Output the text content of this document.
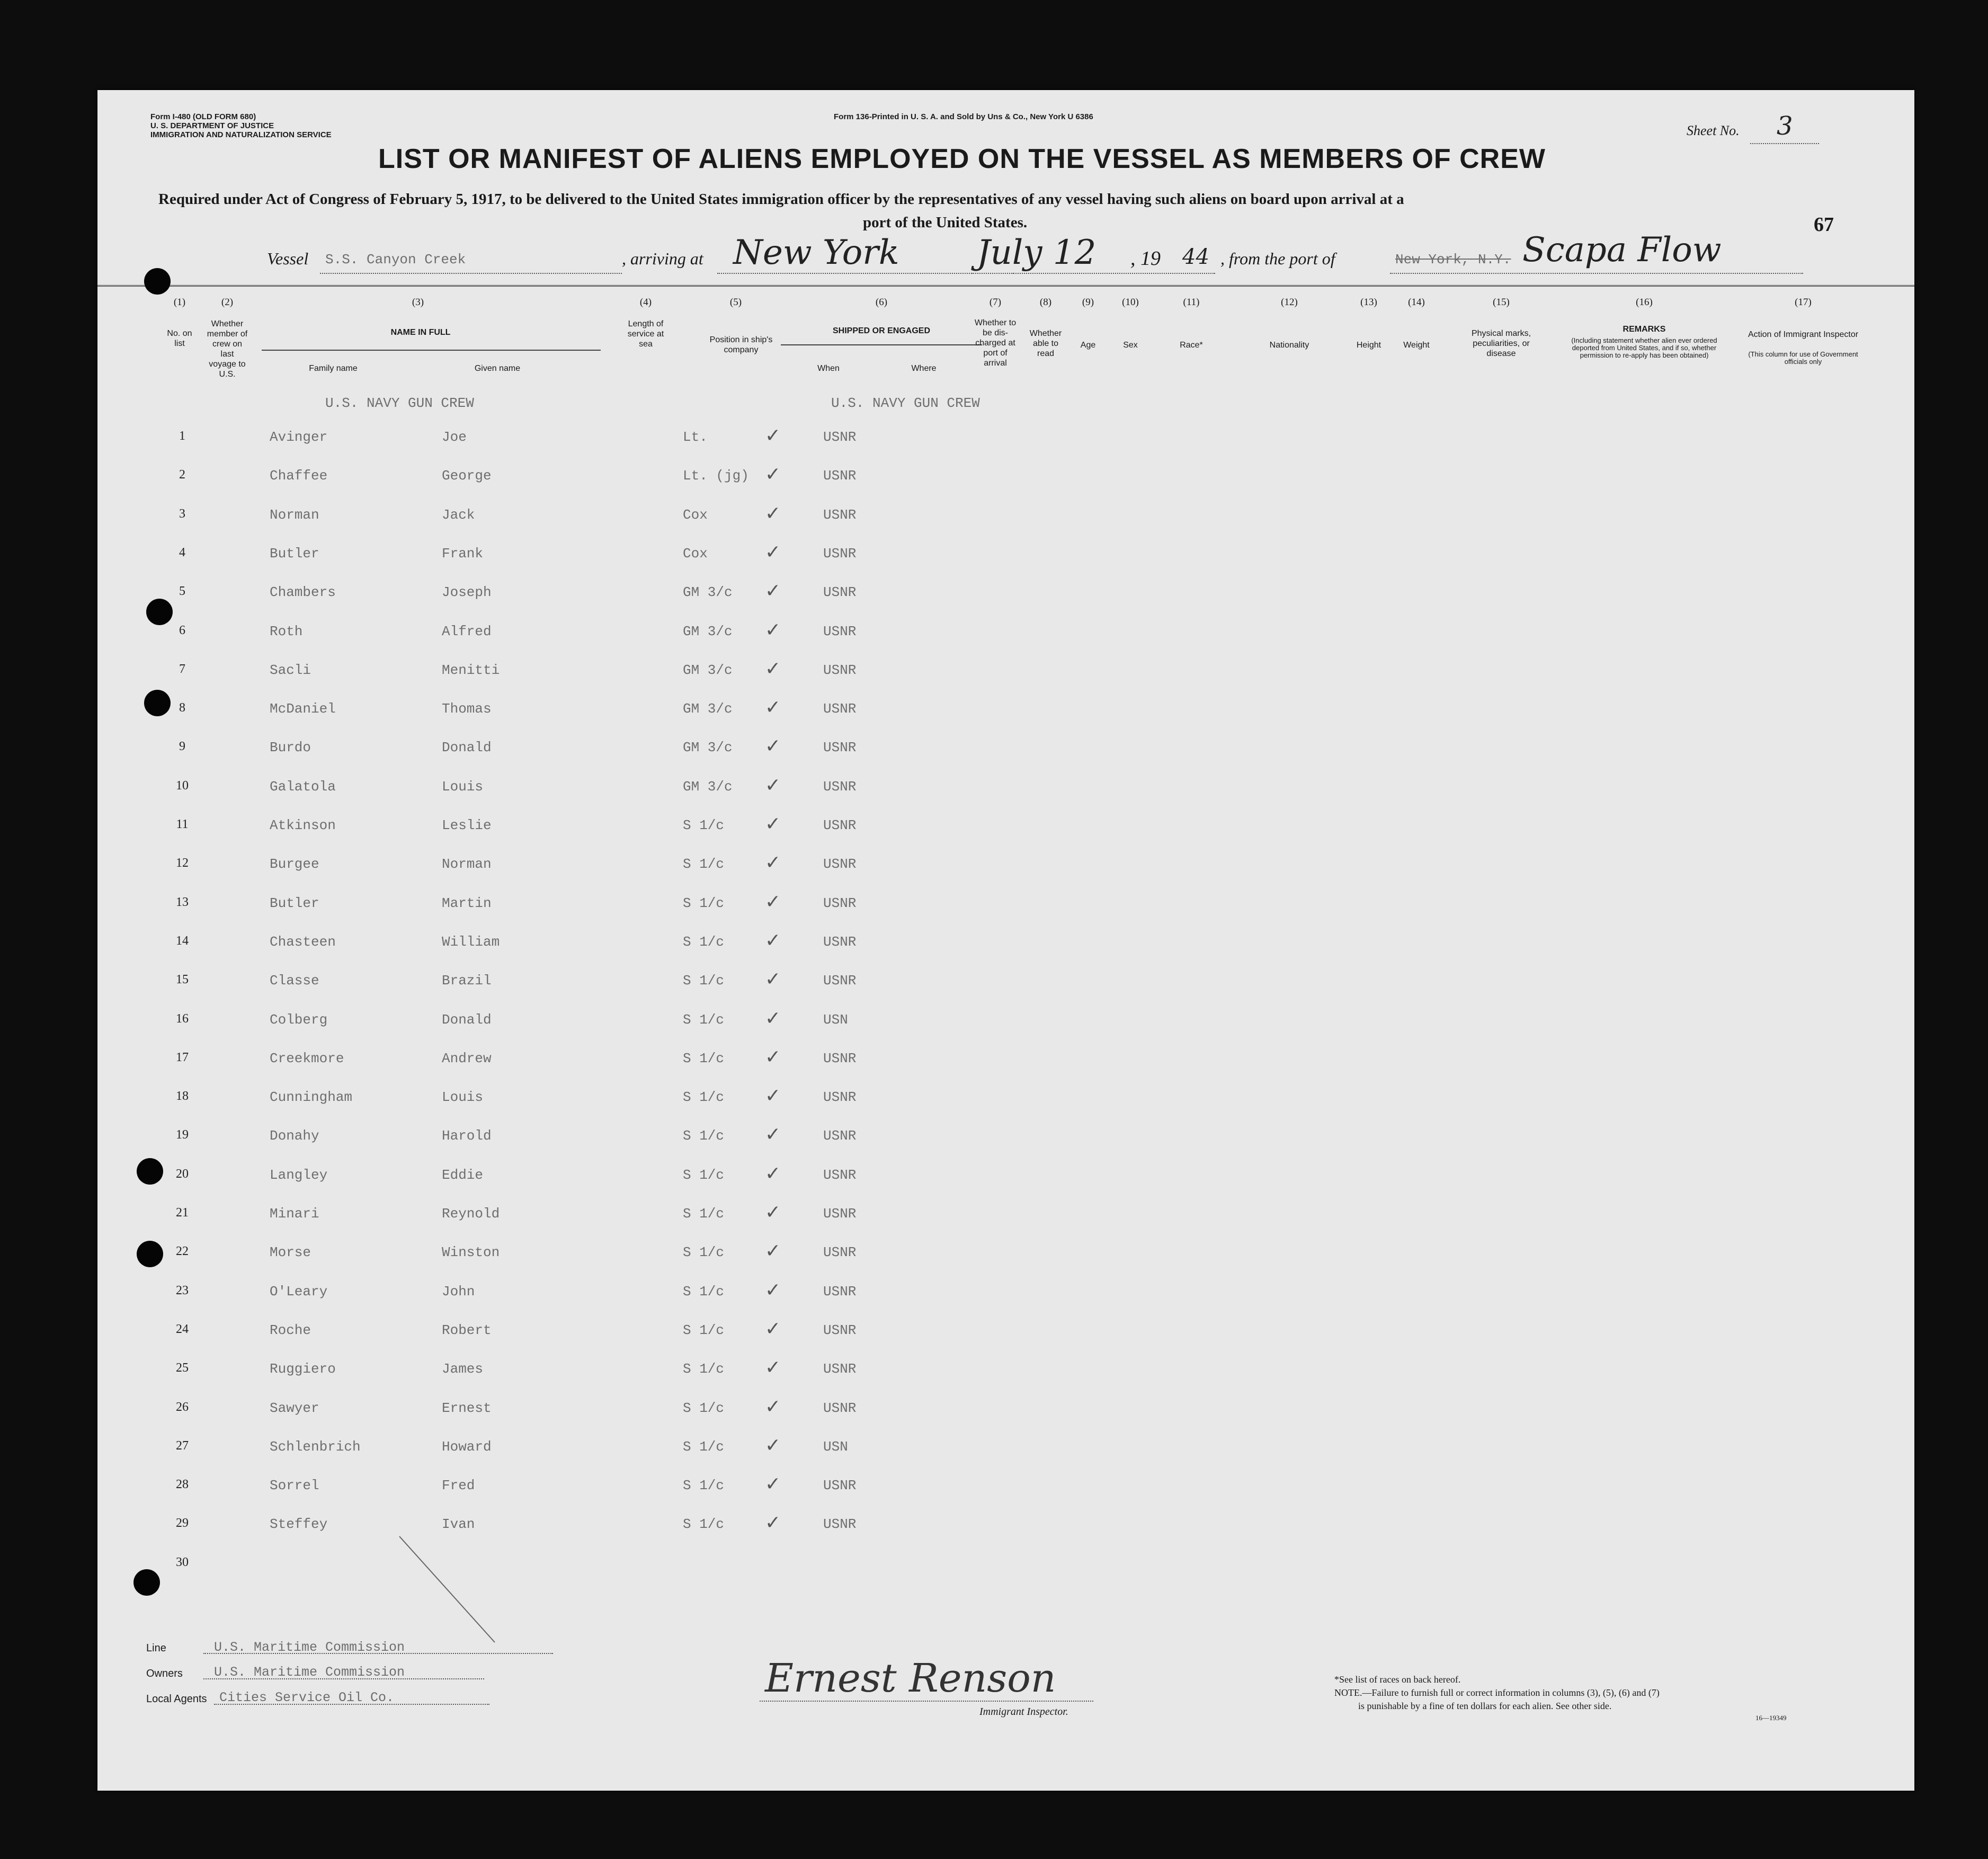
Form I-480 (OLD FORM 680)
U. S. DEPARTMENT OF JUSTICE
IMMIGRATION AND NATURALIZATION SERVICE
Form 136-Printed in U. S. A. and Sold by Uns & Co., New York U 6386
Sheet No. 3
LIST OR MANIFEST OF ALIENS EMPLOYED ON THE VESSEL AS MEMBERS OF CREW
Required under Act of Congress of February 5, 1917, to be delivered to the United States immigration officer by the representatives of any vessel having such aliens on board upon arrival at a
port of the United States.	67
Vessel S.S. Canyon Creek	, arriving at New York July 12 , 19 44 , from the port of	New York, N.Y. Scapa Flow
(1)	(2)	(3)	(4)	(5)	(6)	(7)	(8)	(9)	(10)	(11)	(12)	(13)	(14)	(15)	(16)	(17)
No. on list
Whether member of crew on last voyage to U.S.
NAME IN FULL
Family name	Given name
Length of service at sea	Position in ship's company
SHIPPED OR ENGAGED
When	Where
Whether to be dis-charged at port of arrival
Whether able to read
Age	Sex	Race*	Nationality	Height	Weight
Physical marks, peculiarities, or disease
REMARKS
(Including statement whether alien ever ordered deported from United States, and if so, whether permission to re-apply has been obtained)
Action of Immigrant Inspector
(This column for use of Government officials only
U.S. NAVY GUN CREW	U.S. NAVY GUN CREW
1	Avinger	Joe	Lt.	✓	USNR
2	Chaffee	George	Lt. (jg) ✓	USNR
3	Norman	Jack	Cox	✓	USNR
4	Butler	Frank	Cox	✓	USNR
5	Chambers	Joseph	GM 3/c ✓	USNR
6	Roth	Alfred	GM 3/c ✓	USNR
7	Sacli	Menitti	GM 3/c ✓	USNR
8	McDaniel	Thomas	GM 3/c ✓	USNR
9	Burdo	Donald	GM 3/c ✓	USNR
10	Galatola	Louis	GM 3/c ✓	USNR
11	Atkinson	Leslie	S 1/c ✓	USNR
12	Burgee	Norman	S 1/c ✓	USNR
13	Butler	Martin	S 1/c ✓	USNR
14	Chasteen	William	S 1/c ✓	USNR
15	Classe	Brazil	S 1/c ✓	USNR
16	Colberg	Donald	S 1/c ✓	USN
17	Creekmore	Andrew	S 1/c ✓	USNR
18	Cunningham	Louis	S 1/c ✓	USNR
19	Donahy	Harold	S 1/c ✓	USNR
20	Langley	Eddie	S 1/c ✓	USNR
21	Minari	Reynold	S 1/c ✓	USNR
22	Morse	Winston	S 1/c ✓	USNR
23	O'Leary	John	S 1/c ✓	USNR
24	Roche	Robert	S 1/c ✓	USNR
25	Ruggiero	James	S 1/c ✓	USNR
26	Sawyer	Ernest	S 1/c ✓	USNR
27	Schlenbrich	Howard	S 1/c ✓	USN
28	Sorrel	Fred	S 1/c ✓	USNR
29	Steffey	Ivan	S 1/c ✓	USNR
30
Line	U.S. Maritime Commission
Owners U.S. Maritime Commission
Local Agents Cities Service Oil Co.	Ernest Renson
Immigrant Inspector.
*See list of races on back hereof.
NOTE.—Failure to furnish full or correct information in columns (3), (5), (6) and (7)
is punishable by a fine of ten dollars for each alien. See other side.
16—19349
